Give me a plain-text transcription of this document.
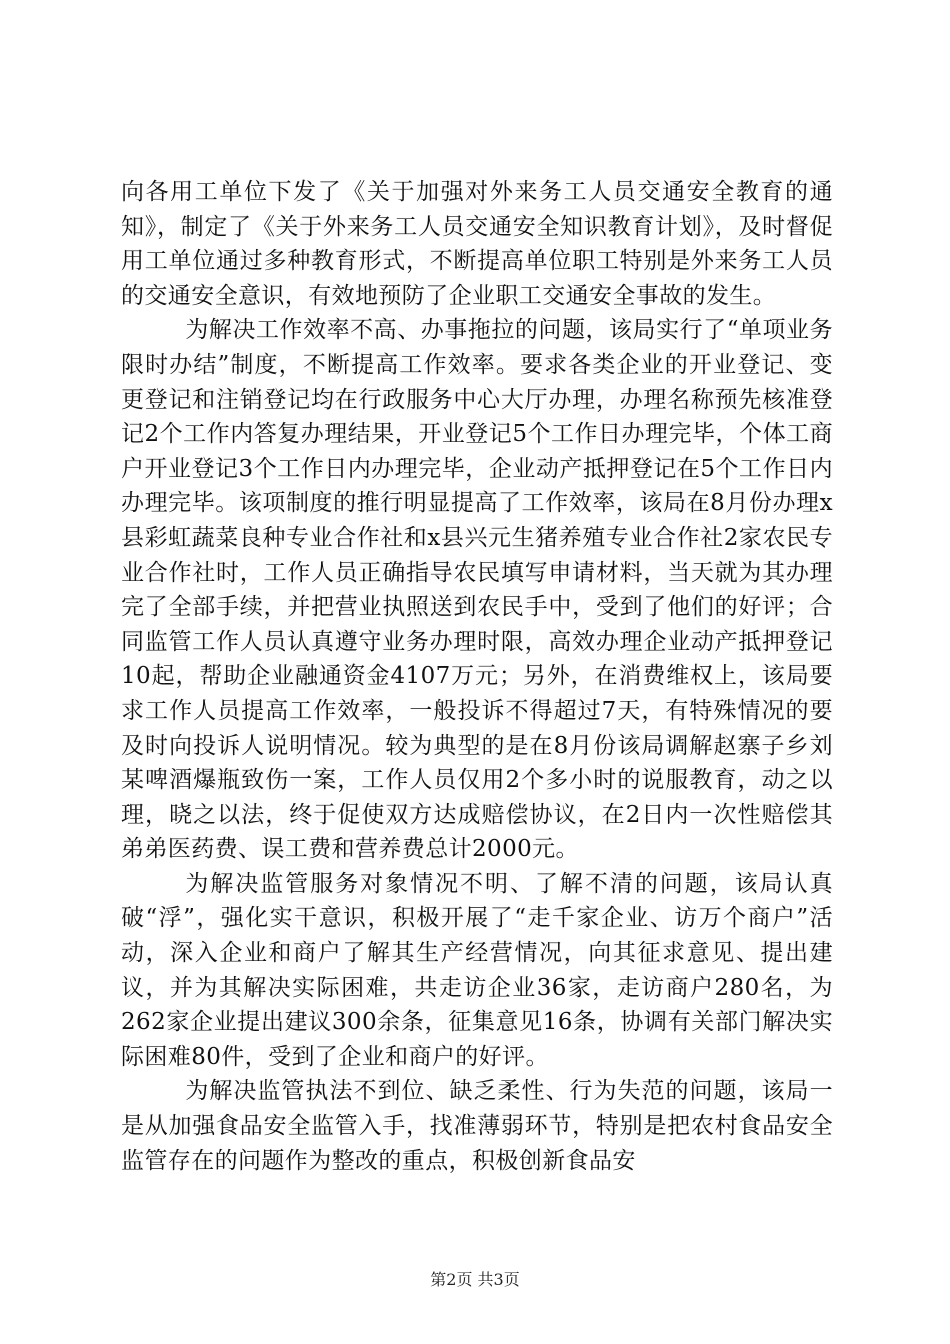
向各用工单位下发了《关于加强对外来务工人员交通安全教育的通知》，制定了《关于外来务工人员交通安全知识教育计划》，及时督促用工单位通过多种教育形式，不断提高单位职工特别是外来务工人员的交通安全意识，有效地预防了企业职工交通安全事故的发生。

为解决工作效率不高、办事拖拉的问题，该局实行了“单项业务限时办结”制度，不断提高工作效率。要求各类企业的开业登记、变更登记和注销登记均在行政服务中心大厅办理，办理名称预先核准登记2个工作内答复办理结果，开业登记5个工作日办理完毕，个体工商户开业登记3个工作日内办理完毕，企业动产抵押登记在5个工作日内办理完毕。该项制度的推行明显提高了工作效率，该局在8月份办理x县彩虹蔬菜良种专业合作社和x县兴元生猪养殖专业合作社2家农民专业合作社时，工作人员正确指导农民填写申请材料，当天就为其办理完了全部手续，并把营业执照送到农民手中，受到了他们的好评；合同监管工作人员认真遵守业务办理时限，高效办理企业动产抵押登记10起，帮助企业融通资金4107万元；另外，在消费维权上，该局要求工作人员提高工作效率，一般投诉不得超过7天，有特殊情况的要及时向投诉人说明情况。较为典型的是在8月份该局调解赵寨子乡刘某啤酒爆瓶致伤一案，工作人员仅用2个多小时的说服教育，动之以理，晓之以法，终于促使双方达成赔偿协议，在2日内一次性赔偿其弟弟医药费、误工费和营养费总计2000元。

为解决监管服务对象情况不明、了解不清的问题，该局认真破“浮”，强化实干意识，积极开展了“走千家企业、访万个商户”活动，深入企业和商户了解其生产经营情况，向其征求意见、提出建议，并为其解决实际困难，共走访企业36家，走访商户280名，为262家企业提出建议300余条，征集意见16条，协调有关部门解决实际困难80件，受到了企业和商户的好评。

为解决监管执法不到位、缺乏柔性、行为失范的问题，该局一是从加强食品安全监管入手，找准薄弱环节，特别是把农村食品安全监管存在的问题作为整改的重点，积极创新食品安

第2页 共3页
